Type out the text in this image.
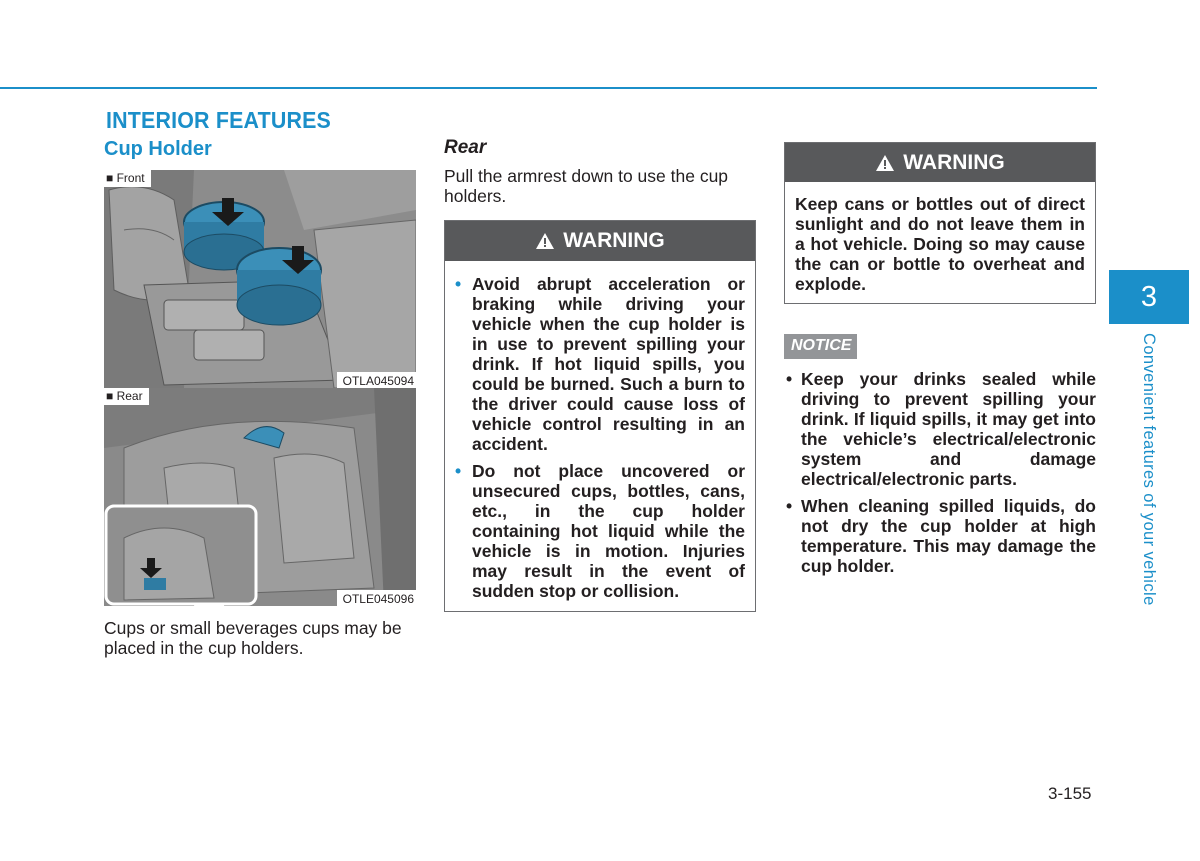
INTERIOR FEATURES
Cup Holder
■ Front
OTLA045094
■ Rear
OTLE045096

Cups or small beverages cups may be placed in the cup holders.

Rear

Pull the armrest down to use the cup holders.

WARNING
• Avoid abrupt acceleration or braking while driving your vehicle when the cup holder is in use to prevent spilling your drink. If hot liquid spills, you could be burned. Such a burn to the driver could cause loss of vehicle control resulting in an accident.
• Do not place uncovered or unsecured cups, bottles, cans, etc., in the cup holder containing hot liquid while the vehicle is in motion. Injuries may result in the event of sudden stop or collision.
WARNING
Keep cans or bottles out of direct sunlight and do not leave them in a hot vehicle. Doing so may cause the can or bottle to overheat and explode.
NOTICE
• Keep your drinks sealed while driving to prevent spilling your drink. If liquid spills, it may get into the vehicle’s electrical/electronic system and damage electrical/electronic parts.
• When cleaning spilled liquids, do not dry the cup holder at high temperature. This may damage the cup holder.
3
Convenient features of your vehicle
3-155
